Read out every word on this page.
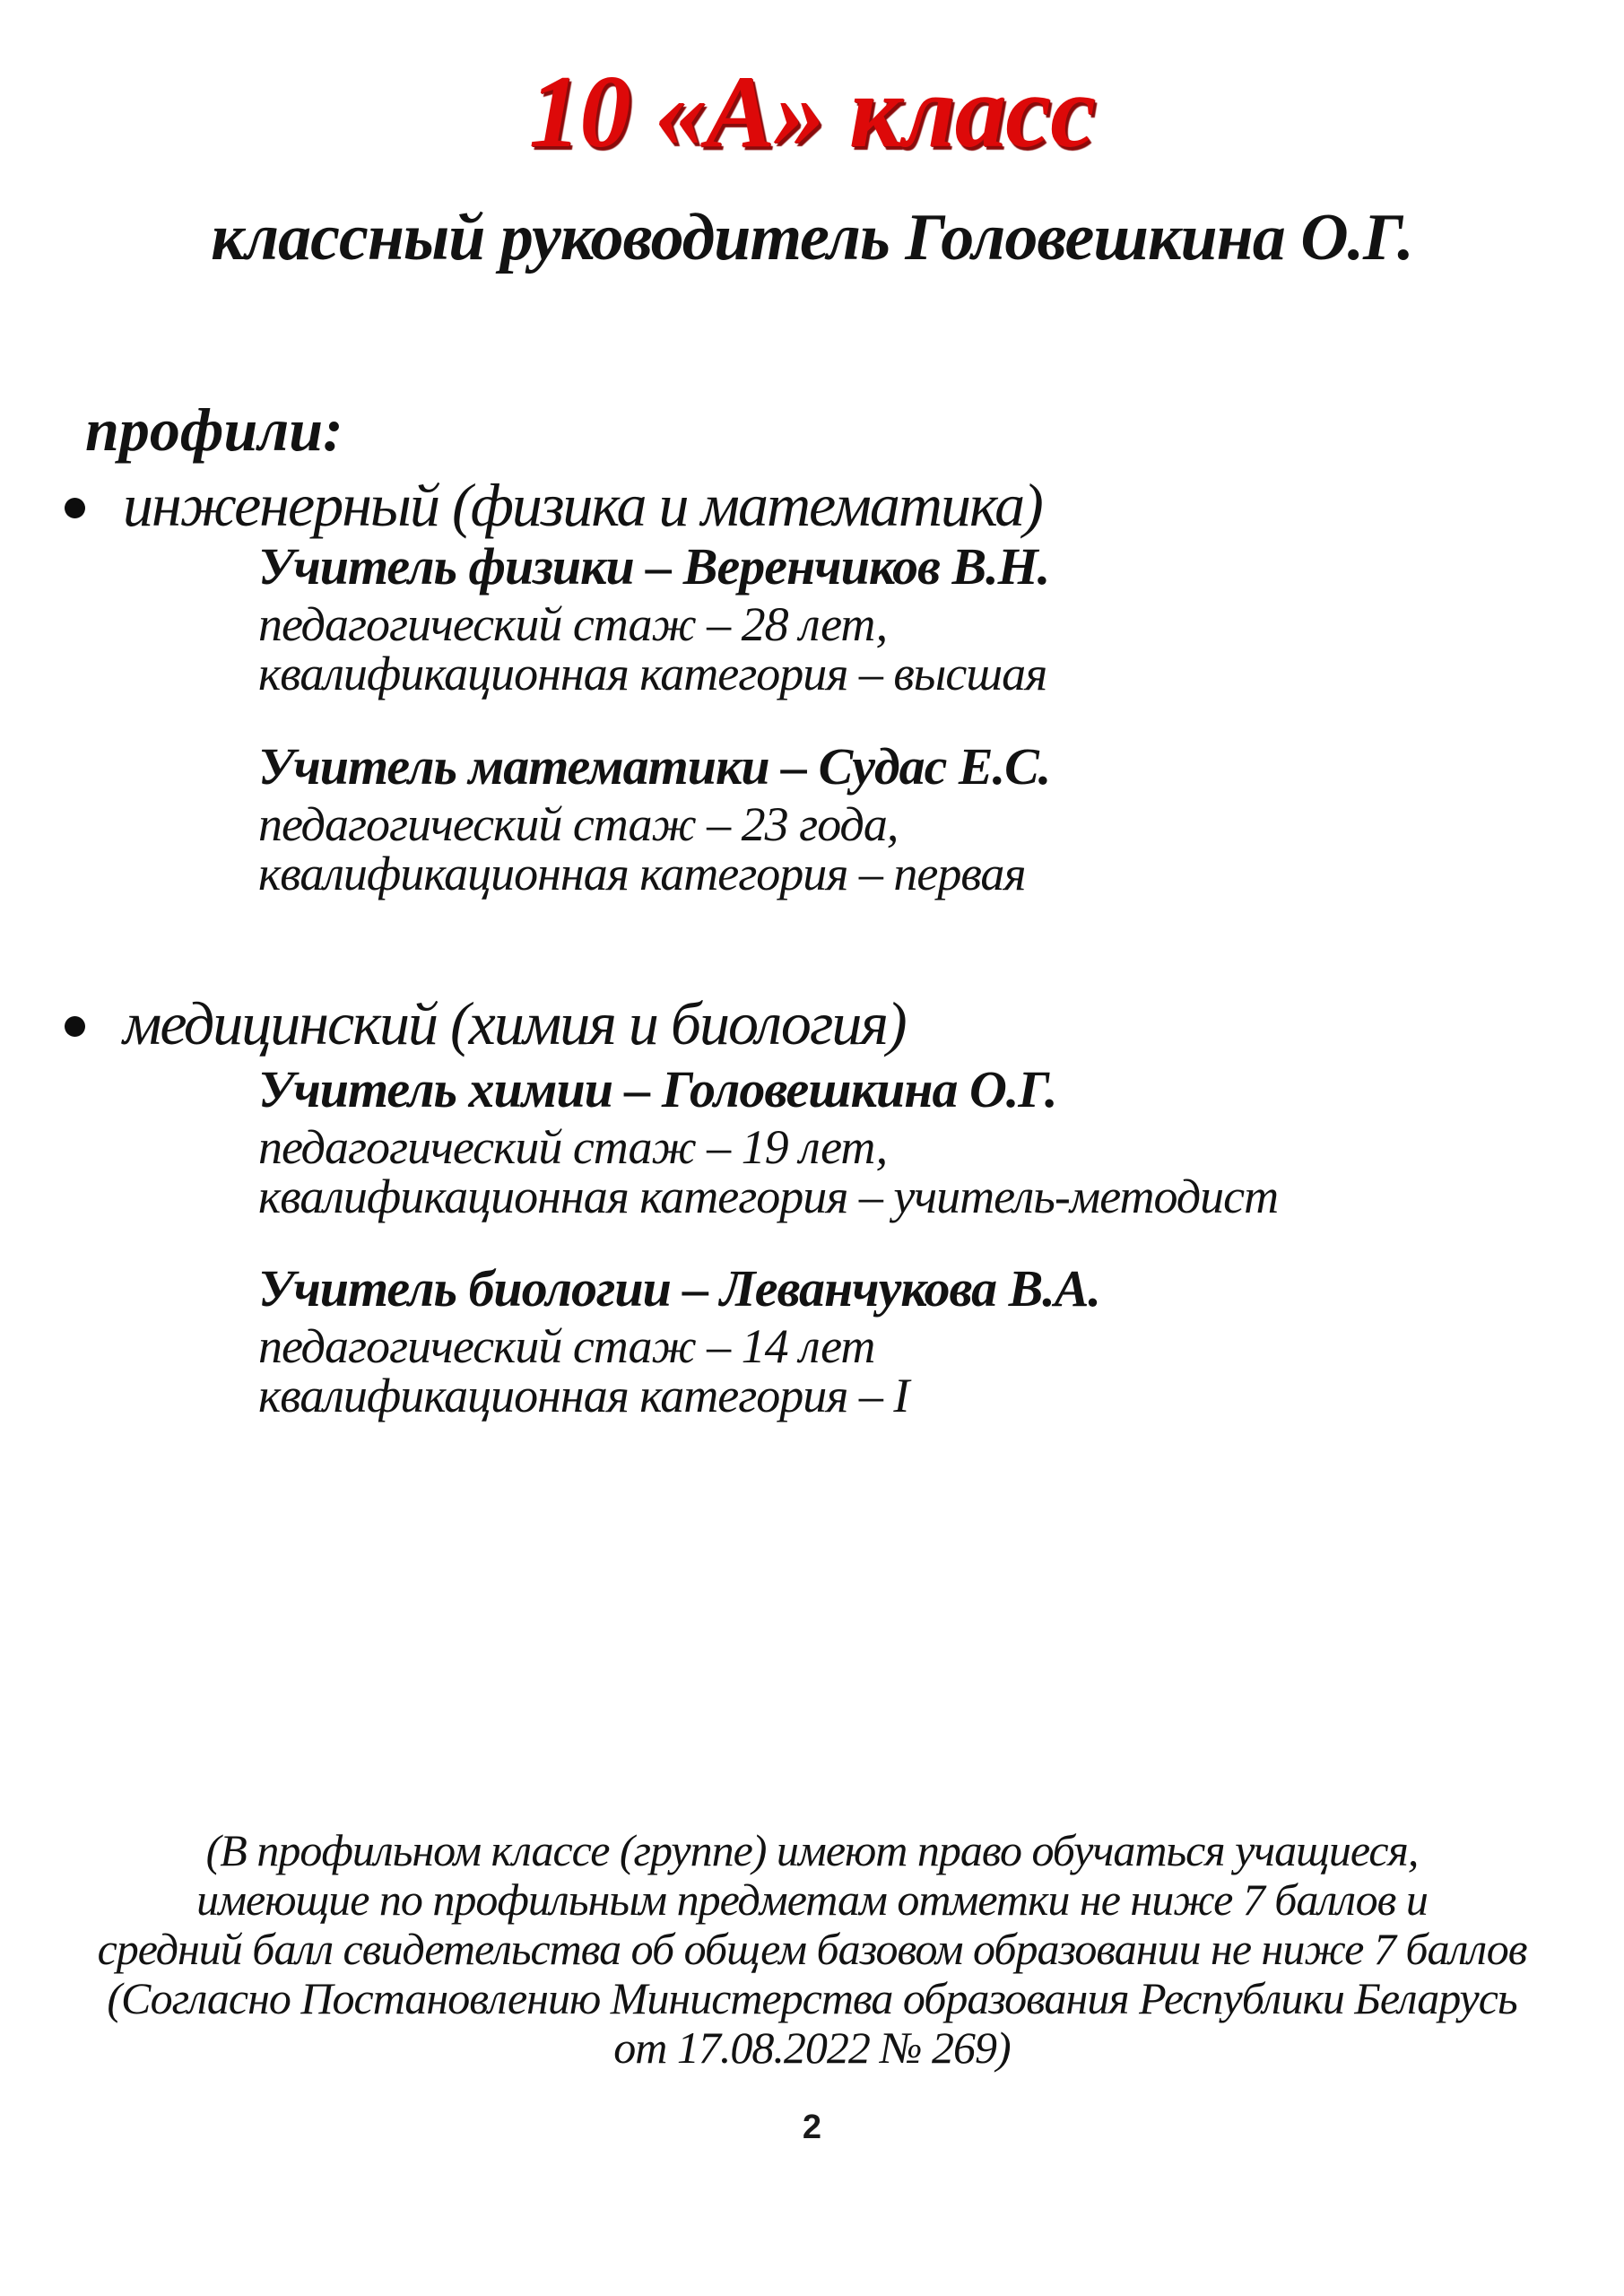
10 «А» класс
классный руководитель Головешкина О.Г.
профили:
инженерный (физика и математика)
Учитель физики – Веренчиков В.Н.
педагогический стаж – 28 лет,
квалификационная категория – высшая
Учитель математики – Судас Е.С.
педагогический стаж – 23 года,
квалификационная категория – первая
медицинский (химия и биология)
Учитель химии – Головешкина О.Г.
педагогический стаж – 19 лет,
квалификационная категория – учитель-методист
Учитель биологии – Леванчукова В.А.
педагогический стаж – 14 лет
квалификационная категория – I
(В профильном классе (группе) имеют право обучаться учащиеся,
имеющие по профильным предметам отметки не ниже 7 баллов и
средний балл свидетельства об общем базовом образовании не ниже 7 баллов
(Согласно Постановлению Министерства образования Республики Беларусь
от 17.08.2022 № 269)
2
